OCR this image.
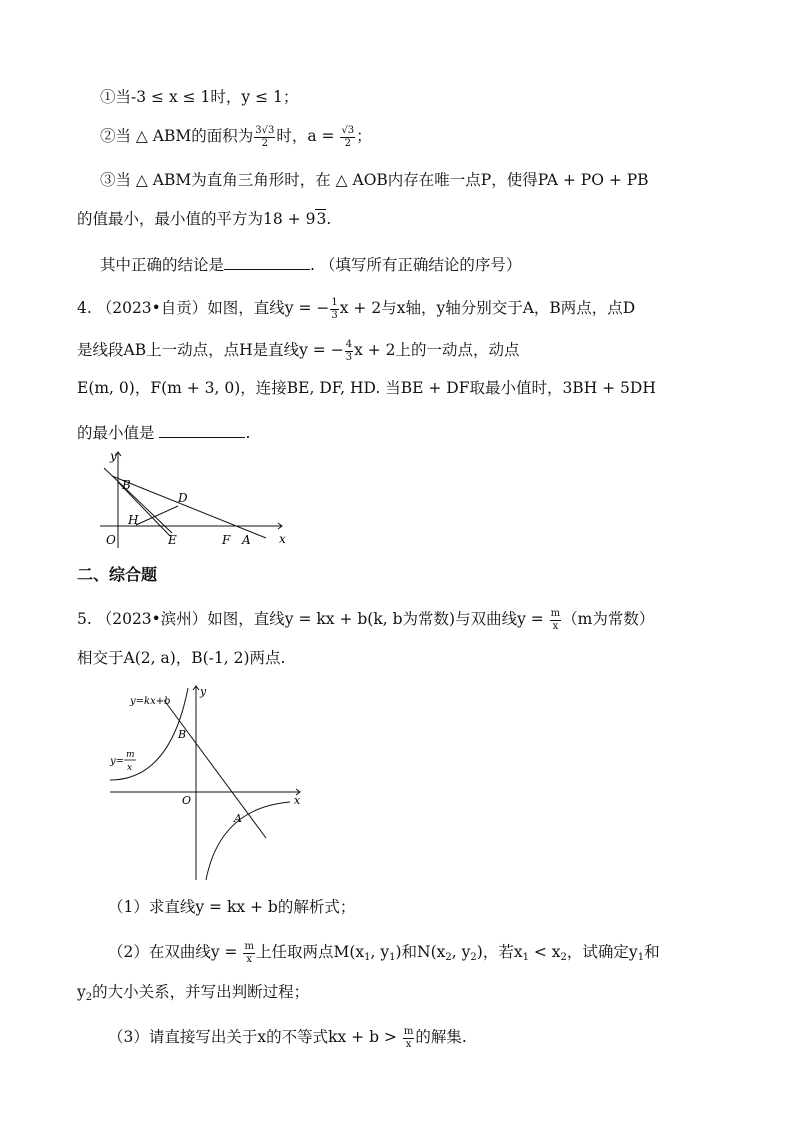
①当-3 ≤ x ≤ 1时，y ≤ 1；
②当 △ ABM的面积为 $\frac{3√3}{2}$ 时，$a = \frac{√3}{2}$ ；
③当 △ ABM为直角三角形时，在 △ AOB内存在唯一点P，使得PA + PO + PB
的值最小，最小值的平方为18 + 93.
其中正确的结论是	. （填写所有正确结论的序号）
4. （2023•自贡）如图，直线y = − $\frac{1}{3}$ x + 2与x轴，y轴分别交于A，B两点，点D
是线段AB上一动点，点H是直线y = − $\frac{4}{3}$ x + 2上的一动点，动点
E(m, 0)，F(m + 3, 0)，连接BE, DF, HD. 当BE + DF取最小值时，3BH + 5DH
的最小值是	.
y
x
B
D
H
O	E	F A
二、综合题
5. （2023•滨州）如图，直线y = kx + b(k, b为常数)与双曲线$y = \frac{m}{x} (m$为常数）
相交于A(2, a)，B(-1, 2)两点.
y=kx+b
y=
m
x
y
x
B
O
A
（1）求直线y = kx + b的解析式；
（2）在双曲线$y = \frac{m}{x}$ 上任取两点$M(x_1$, $y_1$)和$N(x_2$, $y_2$)，若$x_1 < x_2$，试确定$y_1$和
$y_2$的大小关系，并写出判断过程；
（3）请直接写出关于x的不等式kx + $b > \frac{m}{x}$ 的解集.
